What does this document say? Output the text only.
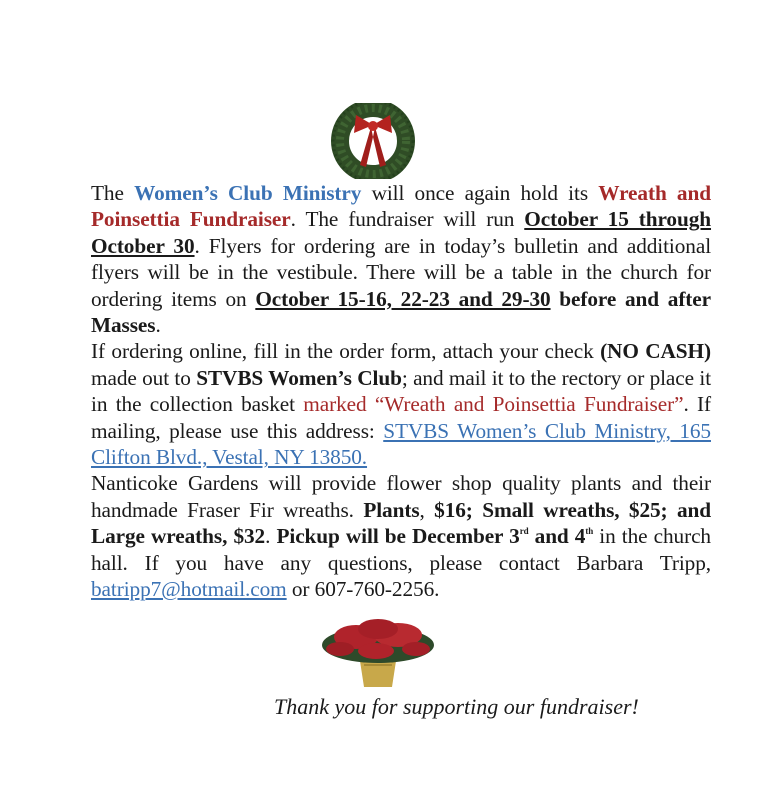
The Women’s Club Ministry will once again hold its Wreath and Poinsettia Fundraiser. The fundraiser will run October 15 through October 30. Flyers for ordering are in today’s bulletin and additional flyers will be in the vestibule. There will be a table in the church for ordering items on October 15-16, 22-23 and 29-30 before and after Masses.

If ordering online, fill in the order form, attach your check (NO CASH) made out to STVBS Women’s Club; and mail it to the rectory or place it in the collection basket marked “Wreath and Poinsettia Fundraiser”. If mailing, please use this address: STVBS Women’s Club Ministry, 165 Clifton Blvd., Vestal, NY 13850.

Nanticoke Gardens will provide flower shop quality plants and their handmade Fraser Fir wreaths. Plants, $16; Small wreaths, $25; and Large wreaths, $32. Pickup will be December 3rd and 4th in the church hall. If you have any questions, please contact Barbara Tripp, batripp7@hotmail.com or 607-760-2256.

Thank you for supporting our fundraiser!
